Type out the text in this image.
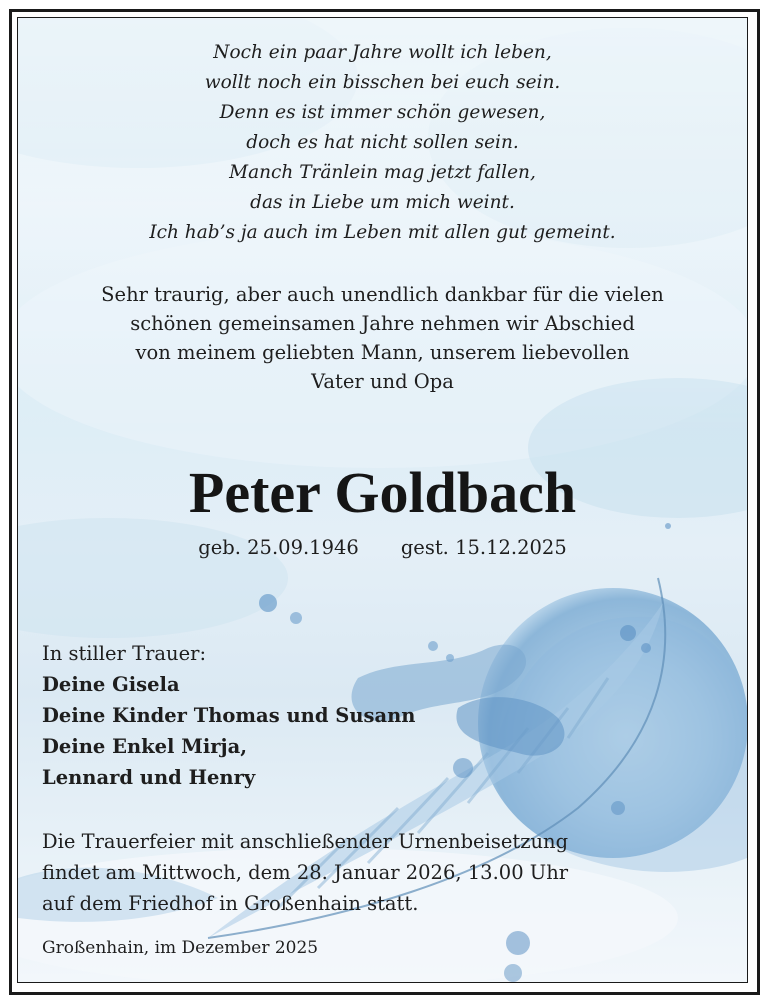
Noch ein paar Jahre wollt ich leben,
wollt noch ein bisschen bei euch sein.
Denn es ist immer schön gewesen,
doch es hat nicht sollen sein.
Manch Tränlein mag jetzt fallen,
das in Liebe um mich weint.
Ich hab’s ja auch im Leben mit allen gut gemeint.
Sehr traurig, aber auch unendlich dankbar für die vielen
schönen gemeinsamen Jahre nehmen wir Abschied
von meinem geliebten Mann, unserem liebevollen
Vater und Opa
Peter Goldbach
geb. 25.09.1946 gest. 15.12.2025
In stiller Trauer:
Deine Gisela
Deine Kinder Thomas und Susann
Deine Enkel Mirja,
Lennard und Henry
Die Trauerfeier mit anschließender Urnenbeisetzung
findet am Mittwoch, dem 28. Januar 2026, 13.00 Uhr
auf dem Friedhof in Großenhain statt.
Großenhain, im Dezember 2025
